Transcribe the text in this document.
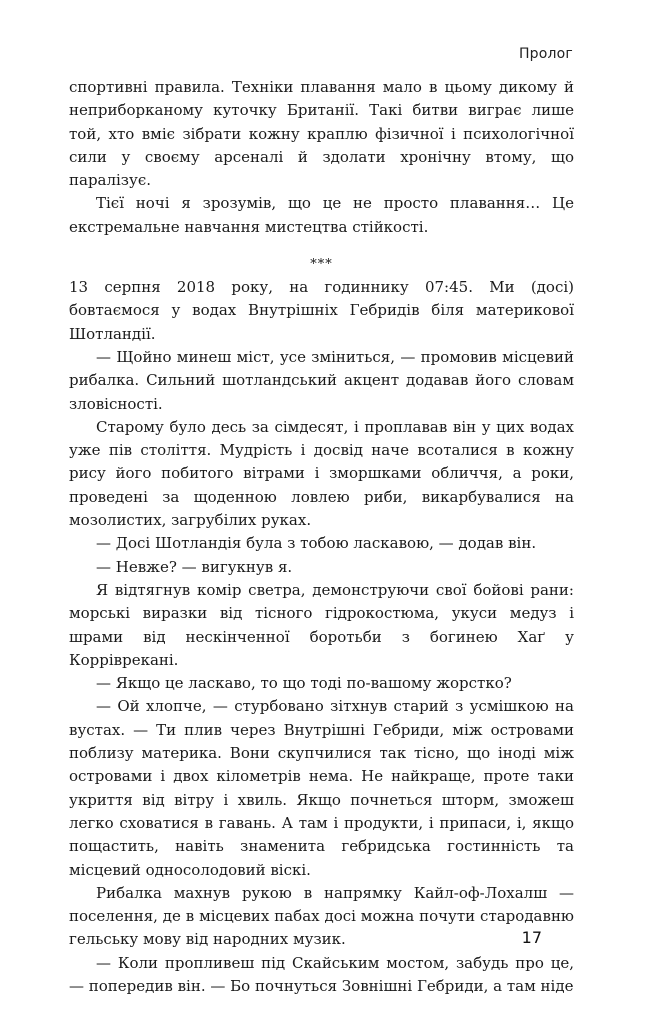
Пролог

спортивні правила. Техніки плавання мало в цьому дикому й неприборканому куточку Британії. Такі битви виграє лише той, хто вміє зібрати кожну краплю фізичної і психологічної сили у своєму арсеналі й здолати хронічну втому, що паралізує.

Тієї ночі я зрозумів, що це не просто плавання… Це екстремальне навчання мистецтва стійкості.

***

13 серпня 2018 року, на годиннику 07:45. Ми (досі) бовтаємося у водах Внутрішніх Гебридів біля материкової Шотландії.

— Щойно минеш міст, усе зміниться, — промовив місцевий рибалка. Сильний шотландський акцент додавав його словам зловісності.

Старому було десь за сімдесят, і проплавав він у цих водах уже пів століття. Мудрість і досвід наче всоталися в кожну рису його побитого вітрами і зморшками обличчя, а роки, проведені за щоденною ловлею риби, викарбувалися на мозолистих, загрубілих руках.

— Досі Шотландія була з тобою ласкавою, — додав він.

— Невже? — вигукнув я.

Я відтягнув комір светра, демонструючи свої бойові рани: морські виразки від тісного гідрокостюма, укуси медуз і шрами від нескінченної боротьби з богинею Хаґ у Корріврекані.

— Якщо це ласкаво, то що тоді по-вашому жорстко?

— Ой хлопче, — стурбовано зітхнув старий з усмішкою на вустах. — Ти плив через Внутрішні Гебриди, між островами поблизу материка. Вони скупчилися так тісно, що іноді між островами і двох кілометрів нема. Не найкраще, проте таки укриття від вітру і хвиль. Якщо почнеться шторм, зможеш легко сховатися в гавань. А там і продукти, і припаси, і, якщо пощастить, навіть знаменита гебридська гостинність та місцевий односолодовий віскі.

Рибалка махнув рукою в напрямку Кайл-оф-Лохалш — поселення, де в місцевих пабах досі можна почути стародавню гельську мову від народних музик.

— Коли пропливеш під Скайським мостом, забудь про це, — попередив він. — Бо почнуться Зовнішні Гебриди, а там ніде

17
